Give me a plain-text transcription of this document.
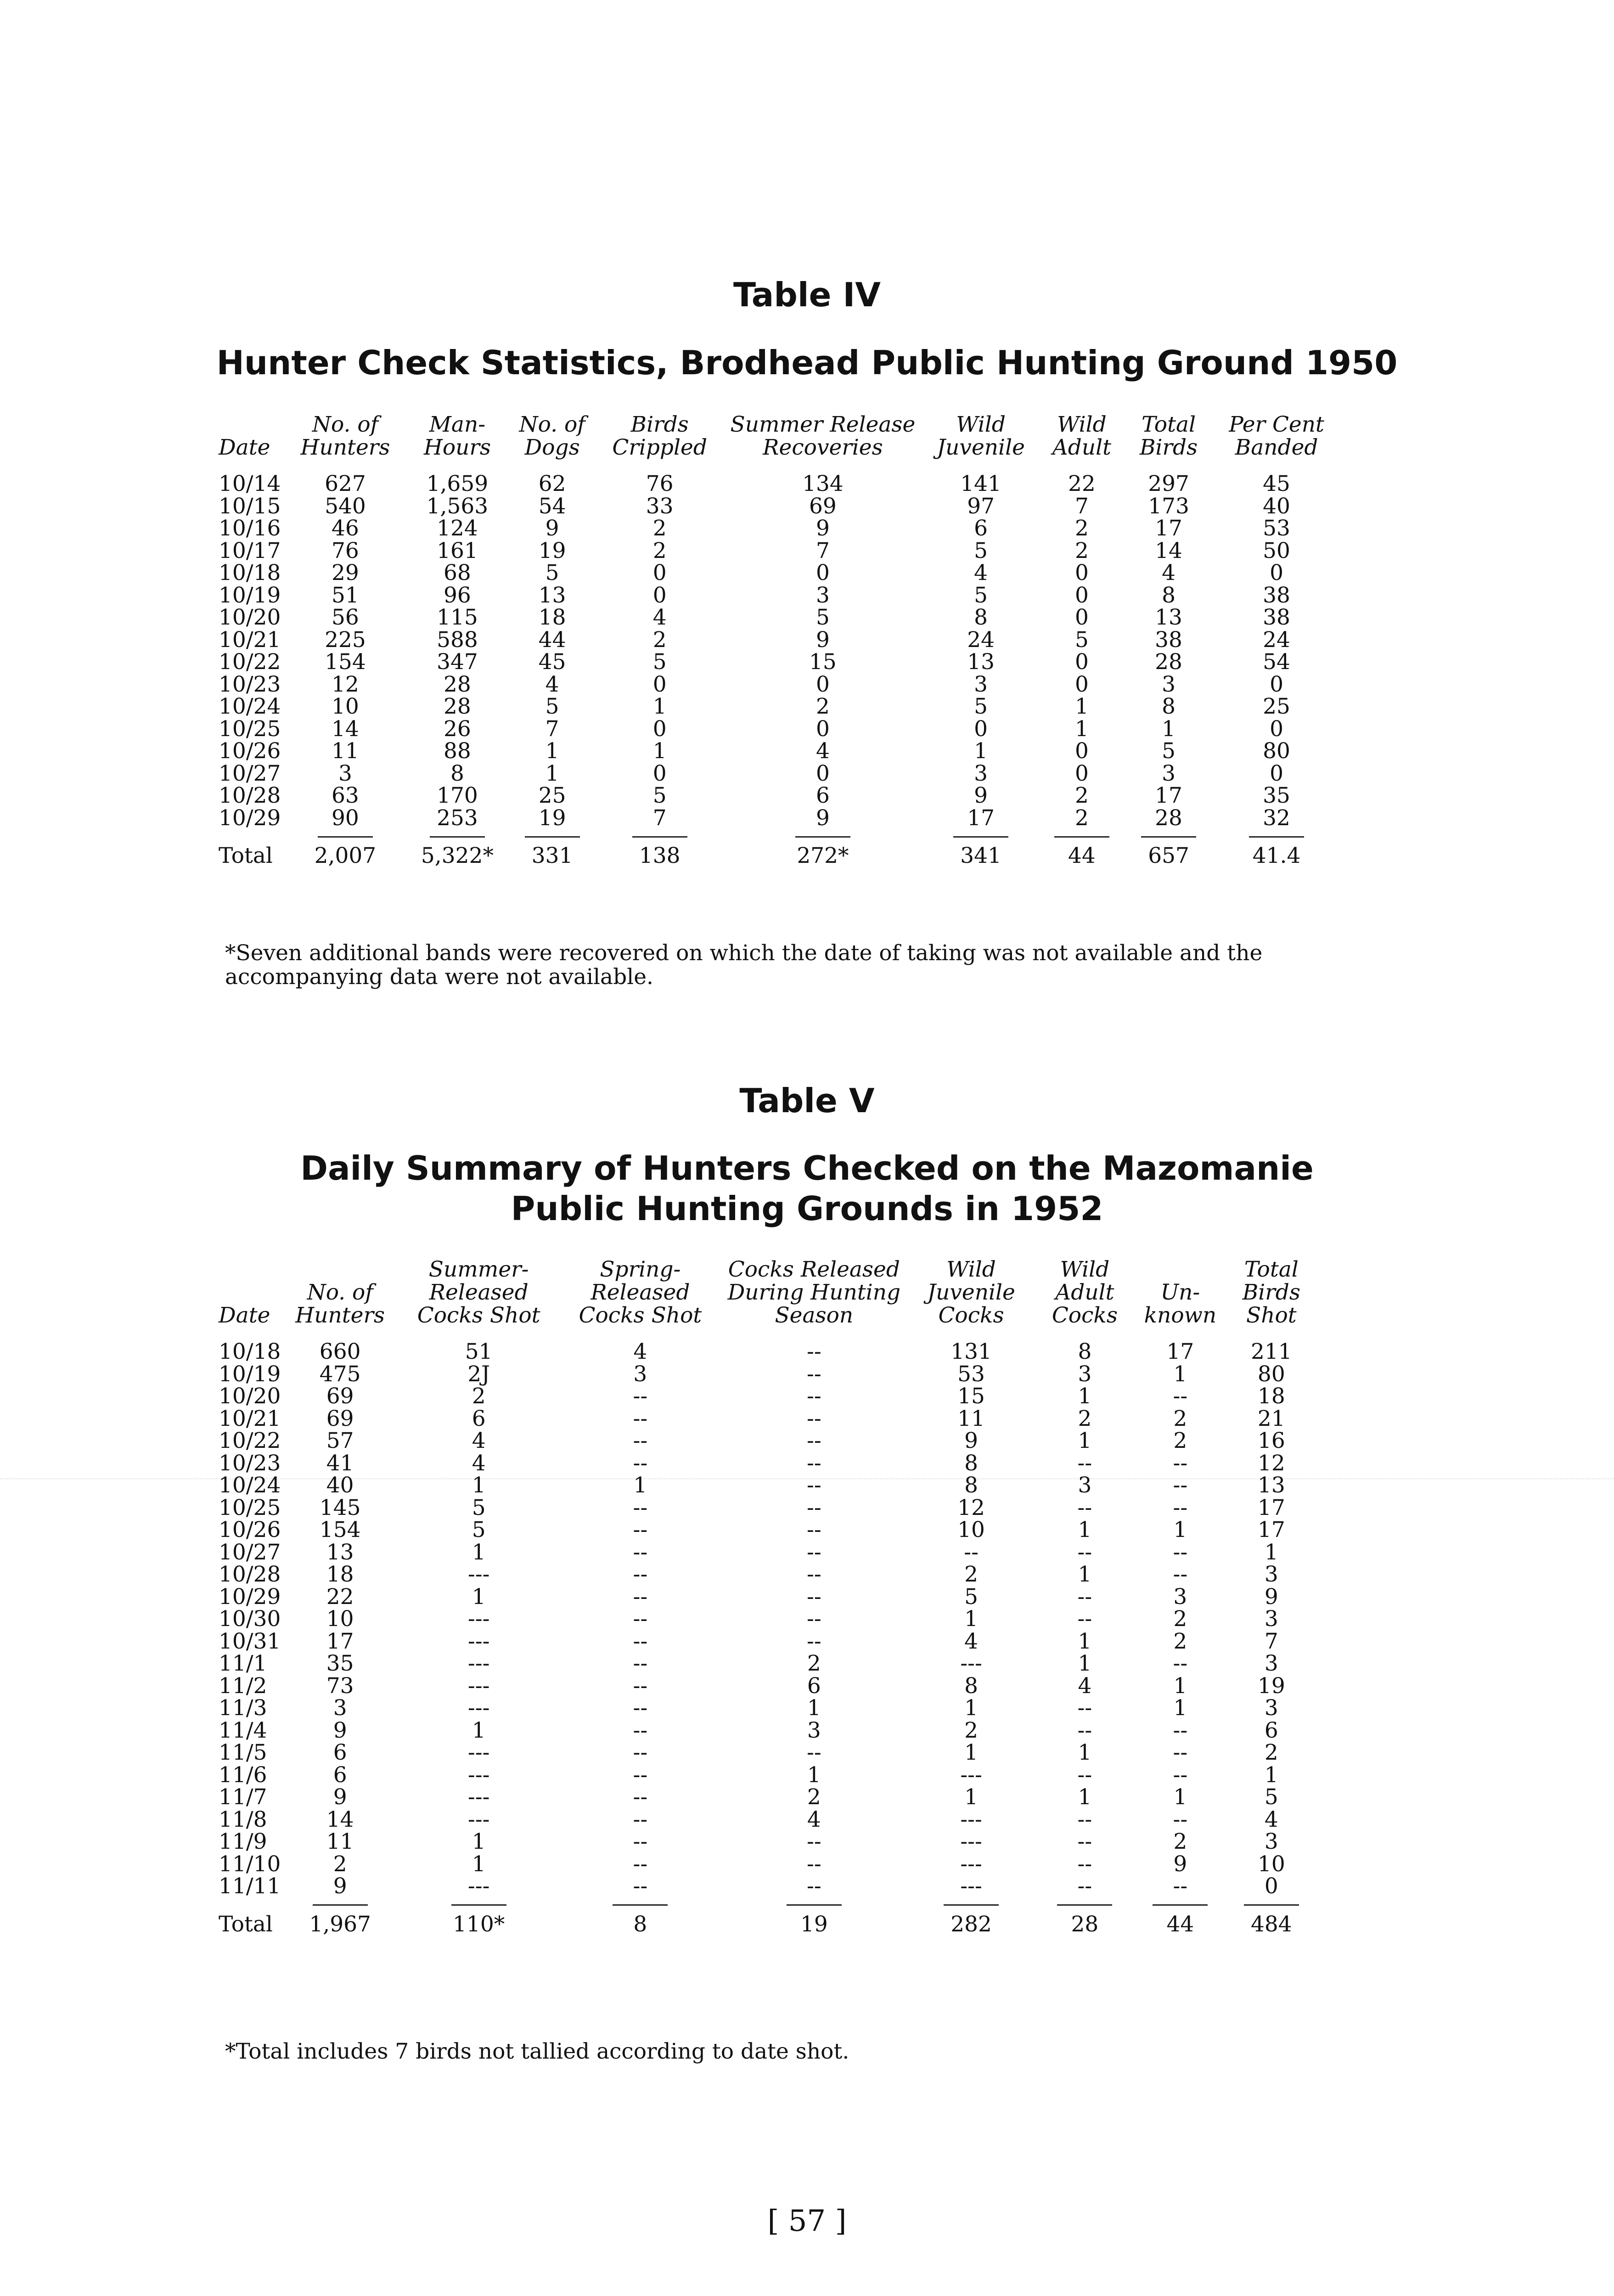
Table IV
Hunter Check Statistics, Brodhead Public Hunting Ground 1950
Date	No. of Hunters	Man- Hours	No. of Dogs	Birds Crippled	Summer Release Recoveries	Wild Juvenile	Wild Adult	Total Birds	Per Cent Banded
10/14	627	1,659	62	76	134	141	22	297	45
10/15	540	1,563	54	33	69	97	7	173	40
10/16	46	124	9	2	9	6	2	17	53
10/17	76	161	19	2	7	5	2	14	50
10/18	29	68	5	0	0	4	0	4	0
10/19	51	96	13	0	3	5	0	8	38
10/20	56	115	18	4	5	8	0	13	38
10/21	225	588	44	2	9	24	5	38	24
10/22	154	347	45	5	15	13	0	28	54
10/23	12	28	4	0	0	3	0	3	0
10/24	10	28	5	1	2	5	1	8	25
10/25	14	26	7	0	0	0	1	1	0
10/26	11	88	1	1	4	1	0	5	80
10/27	3	8	1	0	0	3	0	3	0
10/28	63	170	25	5	6	9	2	17	35
10/29	90	253	19	7	9	17	2	28	32

Total	2,007	5,322*	331	138	272*	341	44	657	41.4

*Seven additional bands were recovered on which the date of taking was not available and the accompanying data were not available.

Table V
Daily Summary of Hunters Checked on the Mazomanie
Public Hunting Grounds in 1952
Date	No. of Hunters	Summer- Released Cocks Shot	Spring- Released Cocks Shot	Cocks Released During Hunting Season	Wild Juvenile Cocks	Wild Adult Cocks	Un- known	Total Birds Shot
10/18	660	51	4	--	131	8	17	211
10/19	475	2J	3	--	53	3	1	80
10/20	69	2	--	--	15	1	--	18
10/21	69	6	--	--	11	2	2	21
10/22	57	4	--	--	9	1	2	16
10/23	41	4	--	--	8	--	--	12
10/24	40	1	1	--	8	3	--	13
10/25	145	5	--	--	12	--	--	17
10/26	154	5	--	--	10	1	1	17
10/27	13	1	--	--	--	--	--	1
10/28	18	---	--	--	2	1	--	3
10/29	22	1	--	--	5	--	3	9
10/30	10	---	--	--	1	--	2	3
10/31	17	---	--	--	4	1	2	7
11/1	35	---	--	2	---	1	--	3
11/2	73	---	--	6	8	4	1	19
11/3	3	---	--	1	1	--	1	3
11/4	9	1	--	3	2	--	--	6
11/5	6	---	--	--	1	1	--	2
11/6	6	---	--	1	---	--	--	1
11/7	9	---	--	2	1	1	1	5
11/8	14	---	--	4	---	--	--	4
11/9	11	1	--	--	---	--	2	3
11/10	2	1	--	--	---	--	9	10
11/11	9	---	--	--	---	--	--	0

Total	1,967	110*	8	19	282	28	44	484

*Total includes 7 birds not tallied according to date shot.

[ 57 ]
